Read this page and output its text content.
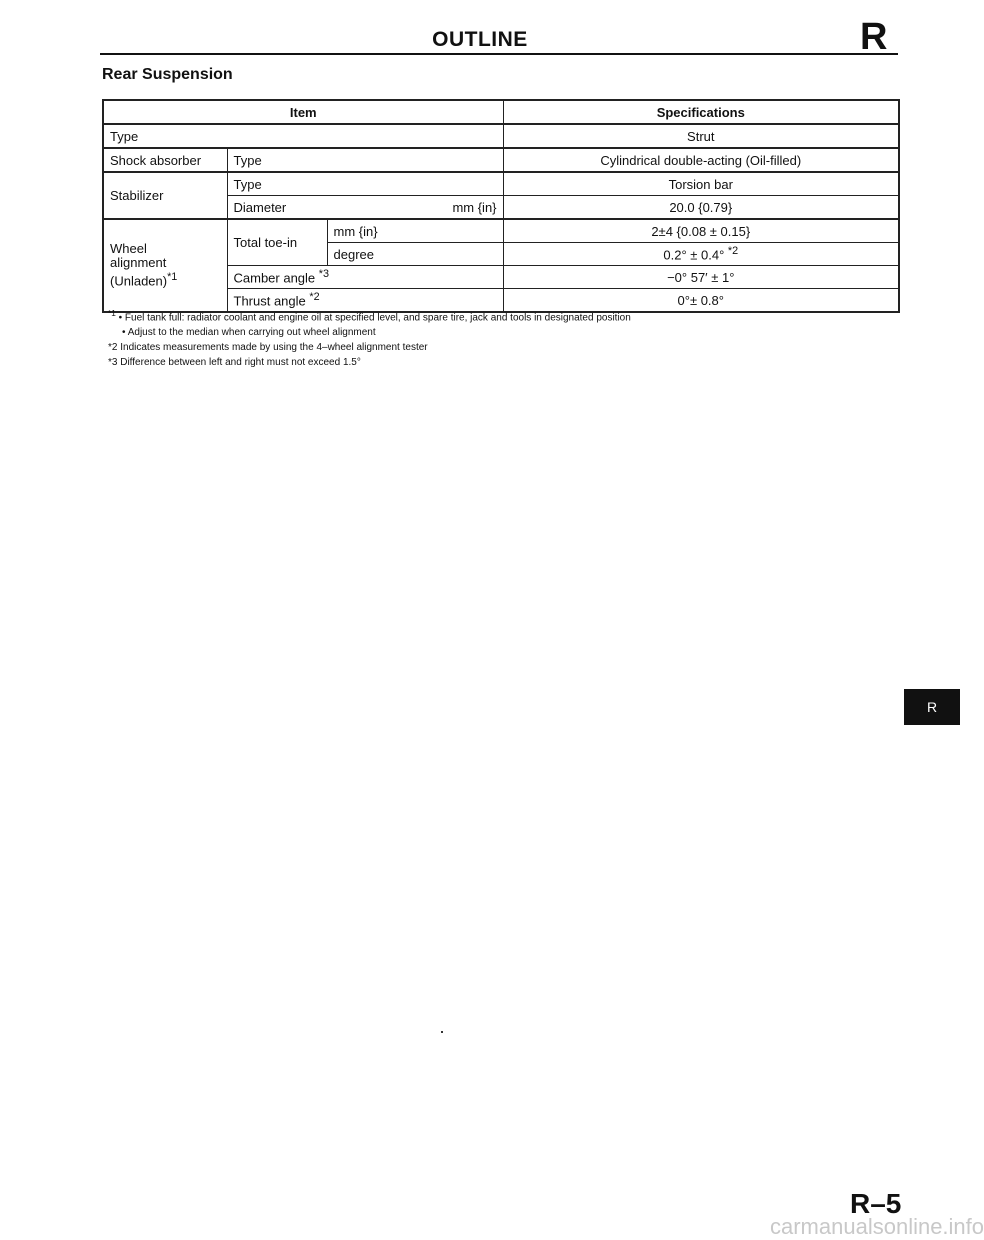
OUTLINE	R
Rear Suspension
Item			Specifications
Type			Strut
Shock absorber	Type		Cylindrical double-acting (Oil-filled)
Stabilizer	Type		Torsion bar

	Diameter mm {in}		20.0 {0.79}

Wheel
alignment
(Unladen)$^{*1}$	Total toe-in	mm {in}	2±4 {0.08 ± 0.15}
		degree	0.2° ± 0.4° $^{*2}$
	Camber angle $^{*3}$		−0° 57′ ± 1°
	Thrust angle $^{*2}$		0°± 0.8°
$^{*1}$ • Fuel tank full: radiator coolant and engine oil at specified level, and spare tire, jack and tools in designated position
• Adjust to the median when carrying out wheel alignment
*2 Indicates measurements made by using the 4–wheel alignment tester
*3 Difference between left and right must not exceed 1.5°
R
R–5
carmanualsonline.info
